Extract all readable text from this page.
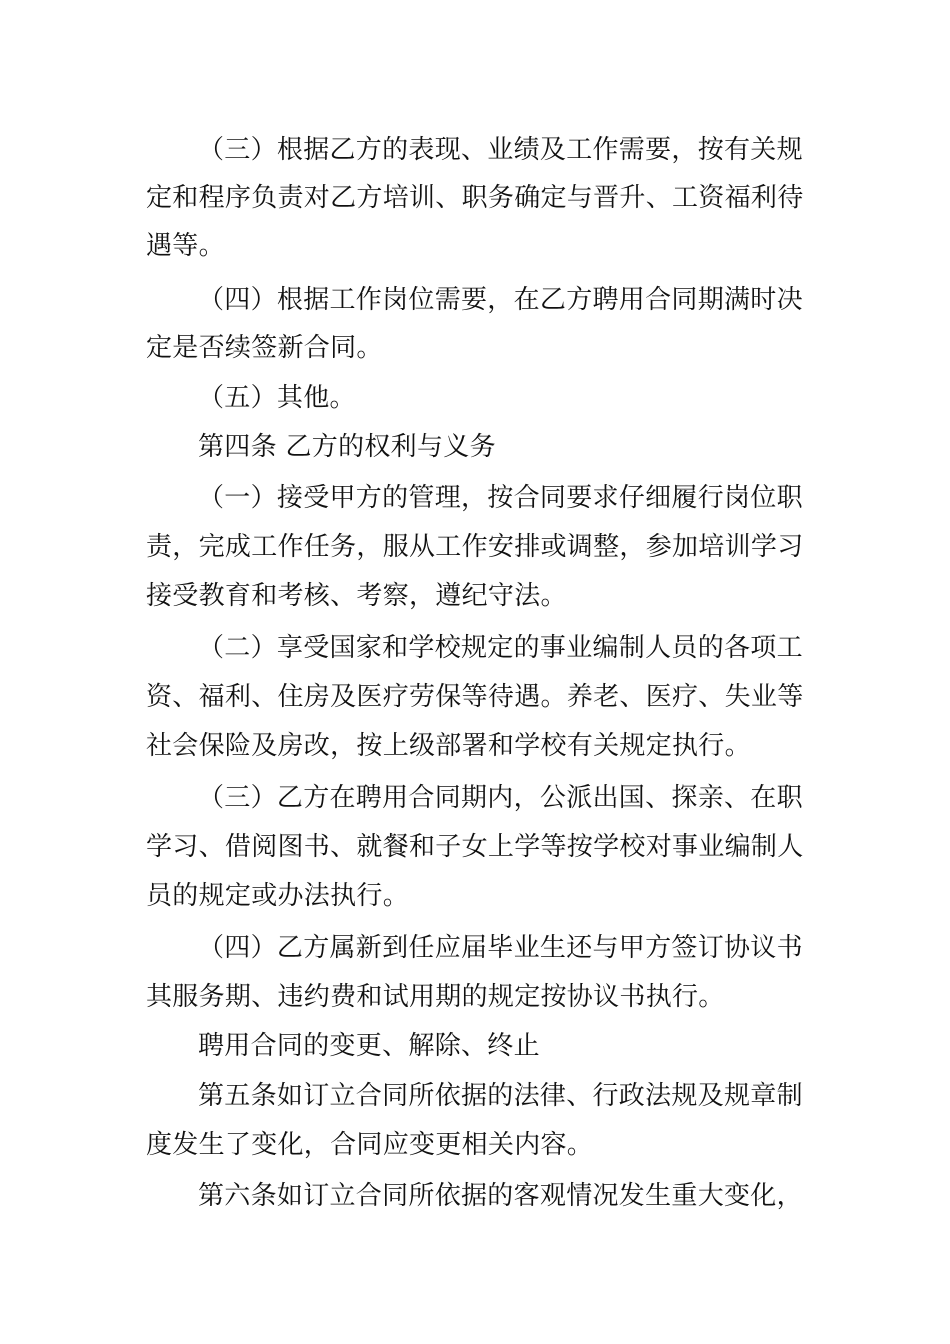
（三）根据乙方的表现、业绩及工作需要，按有关规
定和程序负责对乙方培训、职务确定与晋升、工资福利待
遇等。
（四）根据工作岗位需要，在乙方聘用合同期满时决
定是否续签新合同。
（五）其他。
第四条 乙方的权利与义务
（一）接受甲方的管理，按合同要求仔细履行岗位职
责，完成工作任务，服从工作安排或调整，参加培训学习
接受教育和考核、考察，遵纪守法。
（二）享受国家和学校规定的事业编制人员的各项工
资、福利、住房及医疗劳保等待遇。养老、医疗、失业等
社会保险及房改，按上级部署和学校有关规定执行。
（三）乙方在聘用合同期内，公派出国、探亲、在职
学习、借阅图书、就餐和子女上学等按学校对事业编制人
员的规定或办法执行。
（四）乙方属新到任应届毕业生还与甲方签订协议书
其服务期、违约费和试用期的规定按协议书执行。
聘用合同的变更、解除、终止
第五条如订立合同所依据的法律、行政法规及规章制
度发生了变化，合同应变更相关内容。
第六条如订立合同所依据的客观情况发生重大变化，
